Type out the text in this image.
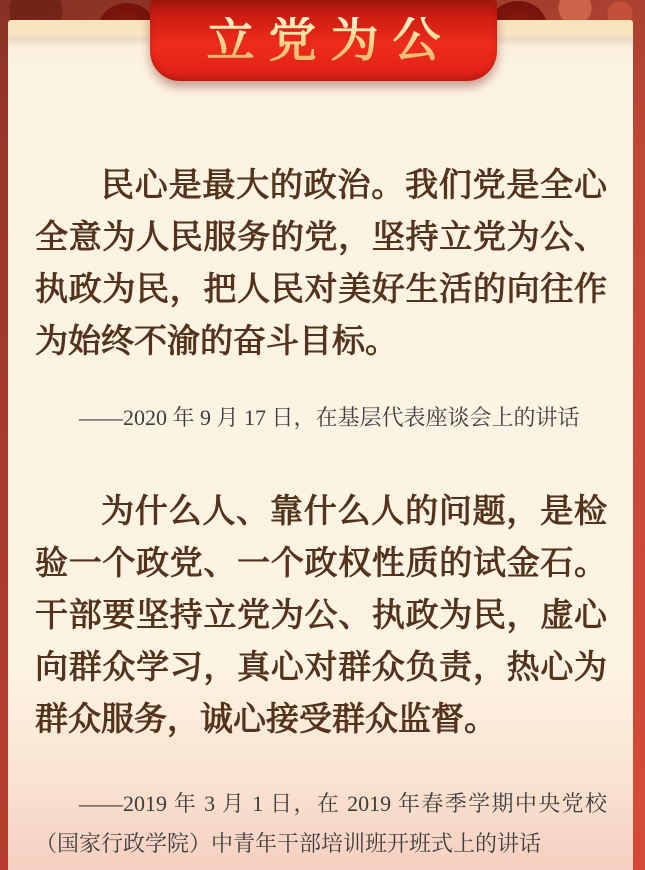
民心是最大的政治。我们党是全心全意为人民服务的党，坚持立党为公、执政为民，把人民对美好生活的向往作为始终不渝的奋斗目标。

——2020 年 9 月 17 日，在基层代表座谈会上的讲话

为什么人、靠什么人的问题，是检验一个政党、一个政权性质的试金石。干部要坚持立党为公、执政为民，虚心向群众学习，真心对群众负责，热心为群众服务，诚心接受群众监督。

——2019 年 3 月 1 日，在 2019 年春季学期中央党校（国家行政学院）中青年干部培训班开班式上的讲话

立党为公
